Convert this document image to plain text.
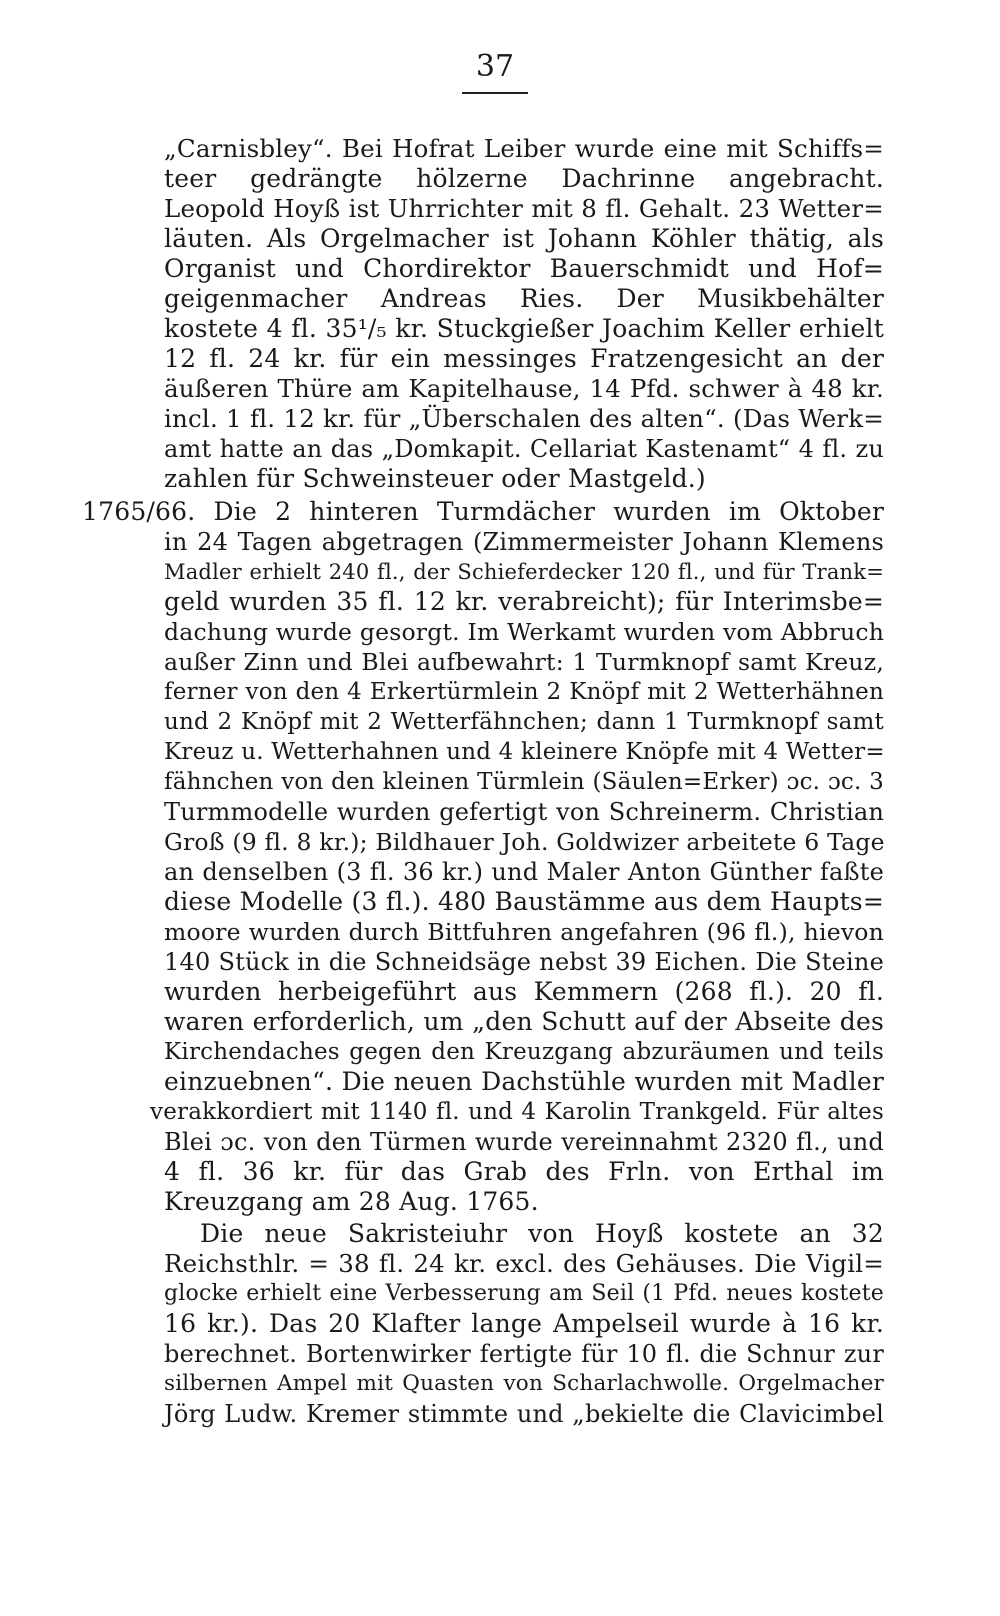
37
„Carnisbley“. Bei Hofrat Leiber wurde eine mit Schiffs=
teer gedrängte hölzerne Dachrinne angebracht.
Leopold Hoyß ist Uhrrichter mit 8 fl. Gehalt. 23 Wetter=
läuten. Als Orgelmacher ist Johann Köhler thätig, als
Organist und Chordirektor Bauerschmidt und Hof=
geigenmacher Andreas Ries. Der Musikbehälter
kostete 4 fl. 35¹/₅ kr. Stuckgießer Joachim Keller erhielt
12 fl. 24 kr. für ein messinges Fratzengesicht an der
äußeren Thüre am Kapitelhause, 14 Pfd. schwer à 48 kr.
incl. 1 fl. 12 kr. für „Überschalen des alten“. (Das Werk=
amt hatte an das „Domkapit. Cellariat Kastenamt“ 4 fl. zu
zahlen für Schweinsteuer oder Mastgeld.)
1765/66. Die 2 hinteren Turmdächer wurden im Oktober
in 24 Tagen abgetragen (Zimmermeister Johann Klemens
Madler erhielt 240 fl., der Schieferdecker 120 fl., und für Trank=
geld wurden 35 fl. 12 kr. verabreicht); für Interimsbe=
dachung wurde gesorgt. Im Werkamt wurden vom Abbruch
außer Zinn und Blei aufbewahrt: 1 Turmknopf samt Kreuz,
ferner von den 4 Erkertürmlein 2 Knöpf mit 2 Wetterhähnen
und 2 Knöpf mit 2 Wetterfähnchen; dann 1 Turmknopf samt
Kreuz u. Wetterhahnen und 4 kleinere Knöpfe mit 4 Wetter=
fähnchen von den kleinen Türmlein (Säulen=Erker) ɔc. ɔc. 3
Turmmodelle wurden gefertigt von Schreinerm. Christian
Groß (9 fl. 8 kr.); Bildhauer Joh. Goldwizer arbeitete 6 Tage
an denselben (3 fl. 36 kr.) und Maler Anton Günther faßte
diese Modelle (3 fl.). 480 Baustämme aus dem Haupts=
moore wurden durch Bittfuhren angefahren (96 fl.), hievon
140 Stück in die Schneidsäge nebst 39 Eichen. Die Steine
wurden herbeigeführt aus Kemmern (268 fl.). 20 fl.
waren erforderlich, um „den Schutt auf der Abseite des
Kirchendaches gegen den Kreuzgang abzuräumen und teils
einzuebnen“. Die neuen Dachstühle wurden mit Madler
verakkordiert mit 1140 fl. und 4 Karolin Trankgeld. Für altes
Blei ɔc. von den Türmen wurde vereinnahmt 2320 fl., und
4 fl. 36 kr. für das Grab des Frln. von Erthal im
Kreuzgang am 28 Aug. 1765.
Die neue Sakristeiuhr von Hoyß kostete an 32
Reichsthlr. = 38 fl. 24 kr. excl. des Gehäuses. Die Vigil=
glocke erhielt eine Verbesserung am Seil (1 Pfd. neues kostete
16 kr.). Das 20 Klafter lange Ampelseil wurde à 16 kr.
berechnet. Bortenwirker fertigte für 10 fl. die Schnur zur
silbernen Ampel mit Quasten von Scharlachwolle. Orgelmacher
Jörg Ludw. Kremer stimmte und „bekielte die Clavicimbel
